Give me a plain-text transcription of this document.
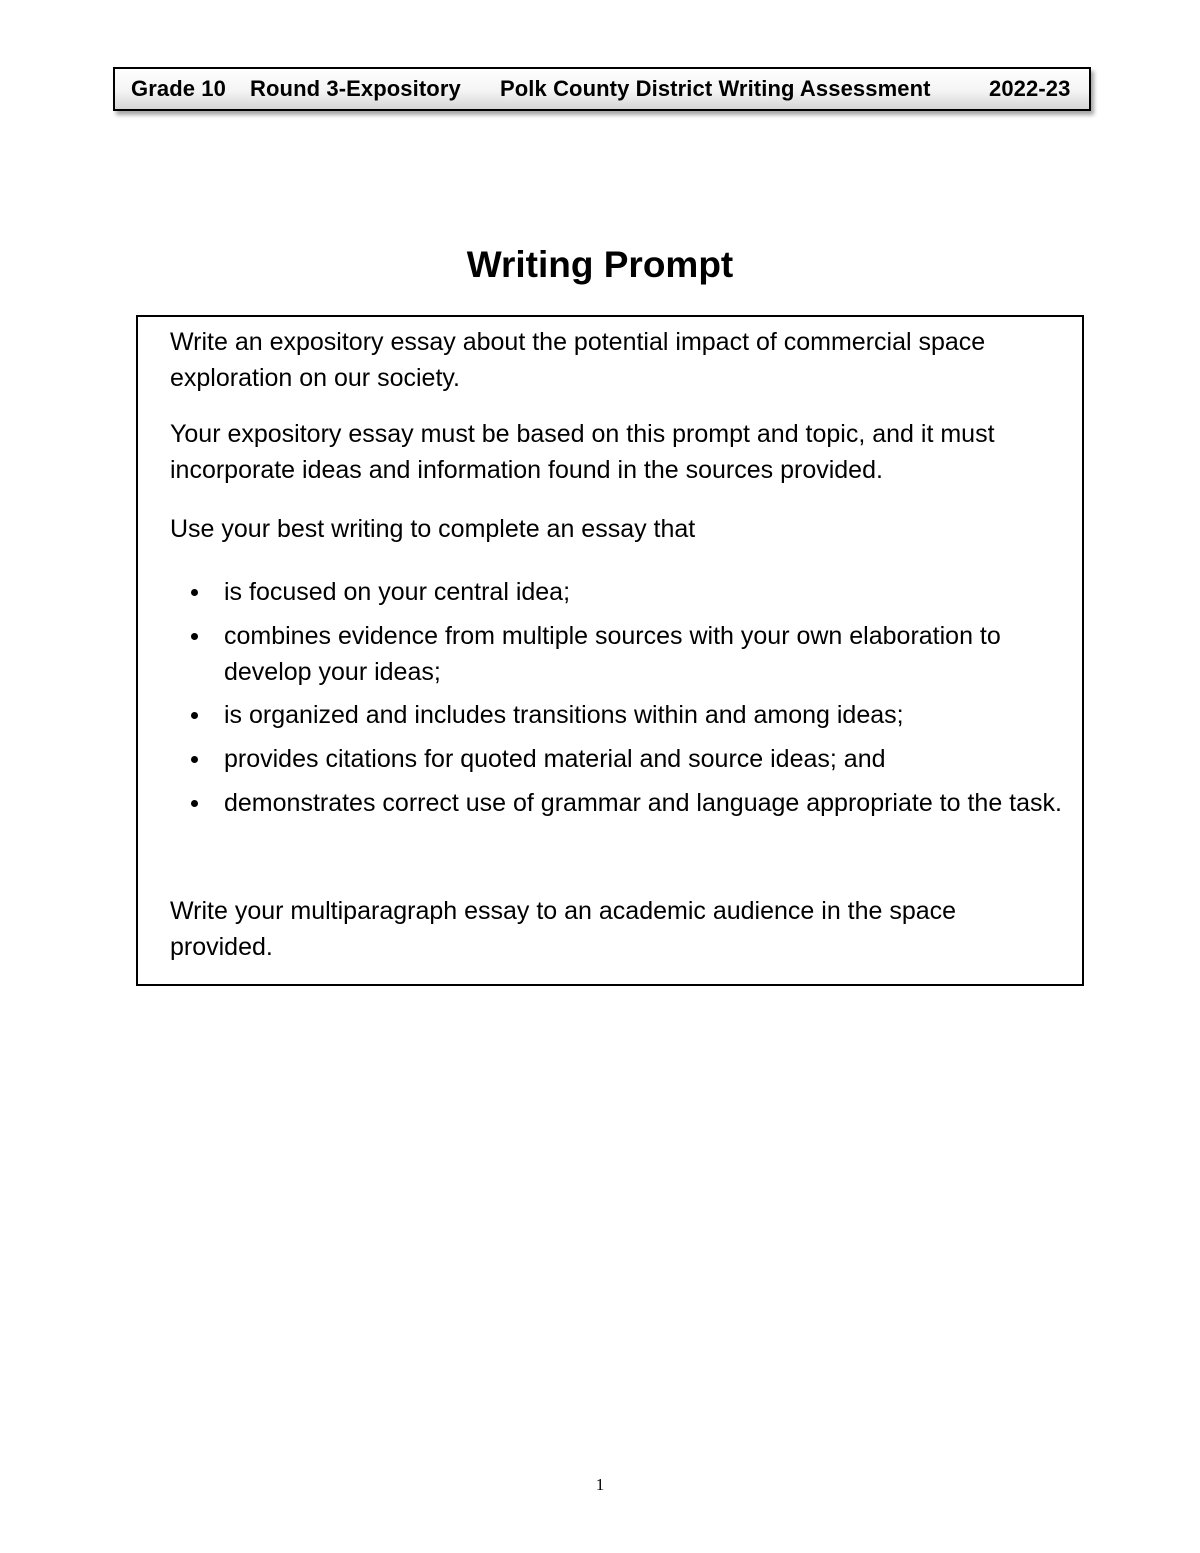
Grade 10 Round 3-Expository Polk County District Writing Assessment	2022-23
Writing Prompt

Write an expository essay about the potential impact of commercial space exploration on our society.

Your expository essay must be based on this prompt and topic, and it must incorporate ideas and information found in the sources provided.

Use your best writing to complete an essay that

is focused on your central idea;
combines evidence from multiple sources with your own elaboration to develop your ideas;
is organized and includes transitions within and among ideas;
provides citations for quoted material and source ideas; and
demonstrates correct use of grammar and language appropriate to the task.

Write your multiparagraph essay to an academic audience in the space provided.

1
